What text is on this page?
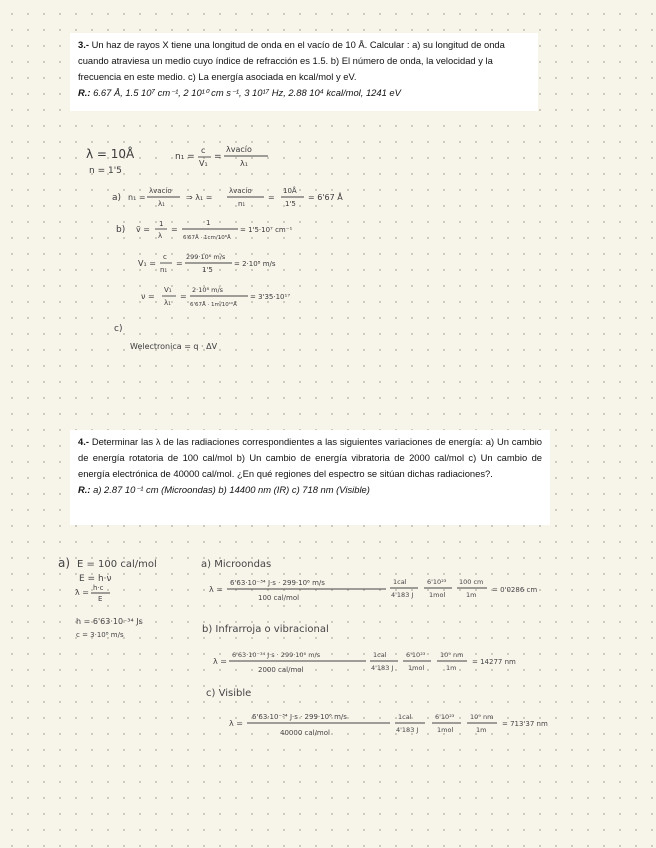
3.- Un haz de rayos X tiene una longitud de onda en el vacío de 10 Å. Calcular : a) su longitud de onda cuando atraviesa un medio cuyo índice de refracción es 1.5. b) El número de onda, la velocidad y la frecuencia en este medio. c) La energía asociada en kcal/mol y eV.

R.: 6.67 Å, 1.5 10⁷ cm⁻¹, 2 10¹⁰ cm s⁻¹, 3 10¹⁷ Hz, 2.88 10⁴ kcal/mol, 1241 eV

4.- Determinar las λ de las radiaciones correspondientes a las siguientes variaciones de energía: a) Un cambio de energía rotatoria de 100 cal/mol b) Un cambio de energía vibratoria de 2000 cal/mol c) Un cambio de energía electrónica de 40000 cal/mol. ¿En qué regiones del espectro se sitúan dichas radiaciones?.

R.: a) 2.87 10⁻¹ cm (Microondas) b) 14400 nm (IR) c) 718 nm (Visible)

λ = 10Å
n = 1'5
n₁ =
c
V₁
=
λvacío
λ₁
a) n₁ =
λvacío
λ₁
⇒ λ₁ =
λvacío
n₁
=
10Å
1'5
= 6'67 Å
b) ṽ =
1
λ
=
1
6'67Å · 1cm/10⁸Å
= 1'5·10⁷ cm⁻¹
V₁ =
c
n₁
=
299·10⁶ m/s
1'5
= 2·10⁸ m/s
ν =
V₁
λ₁
=
2·10⁸ m/s
6'67Å · 1m/10¹⁰Å
= 3'35·10¹⁷
c)
Welectronica = q · ΔV
a) E = 100 cal/mol
E = h·ν
λ = h·c
E
h = 6'63·10⁻³⁴ Js
c = 3·10⁸ m/s
a) Microondas
λ =
6'63·10⁻³⁴ J·s · 299·10⁶ m/s
100 cal/mol
1cal
4'183 J
6'10²³
1mol
100 cm
1m
= 0'0286 cm
b) Infrarroja o vibracional
λ =
6'63·10⁻³⁴ J·s · 299·10⁶ m/s
2000 cal/mol
1cal
4'183 J
6'10²³
1mol
10⁹ nm
1m
= 14277 nm
c) Visible
λ =
6'63·10⁻³⁴ J·s · 299·10⁶ m/s
40000 cal/mol
1cal
4'183 J
6'10²³
1mol
10⁹ nm
1m
= 713'37 nm
